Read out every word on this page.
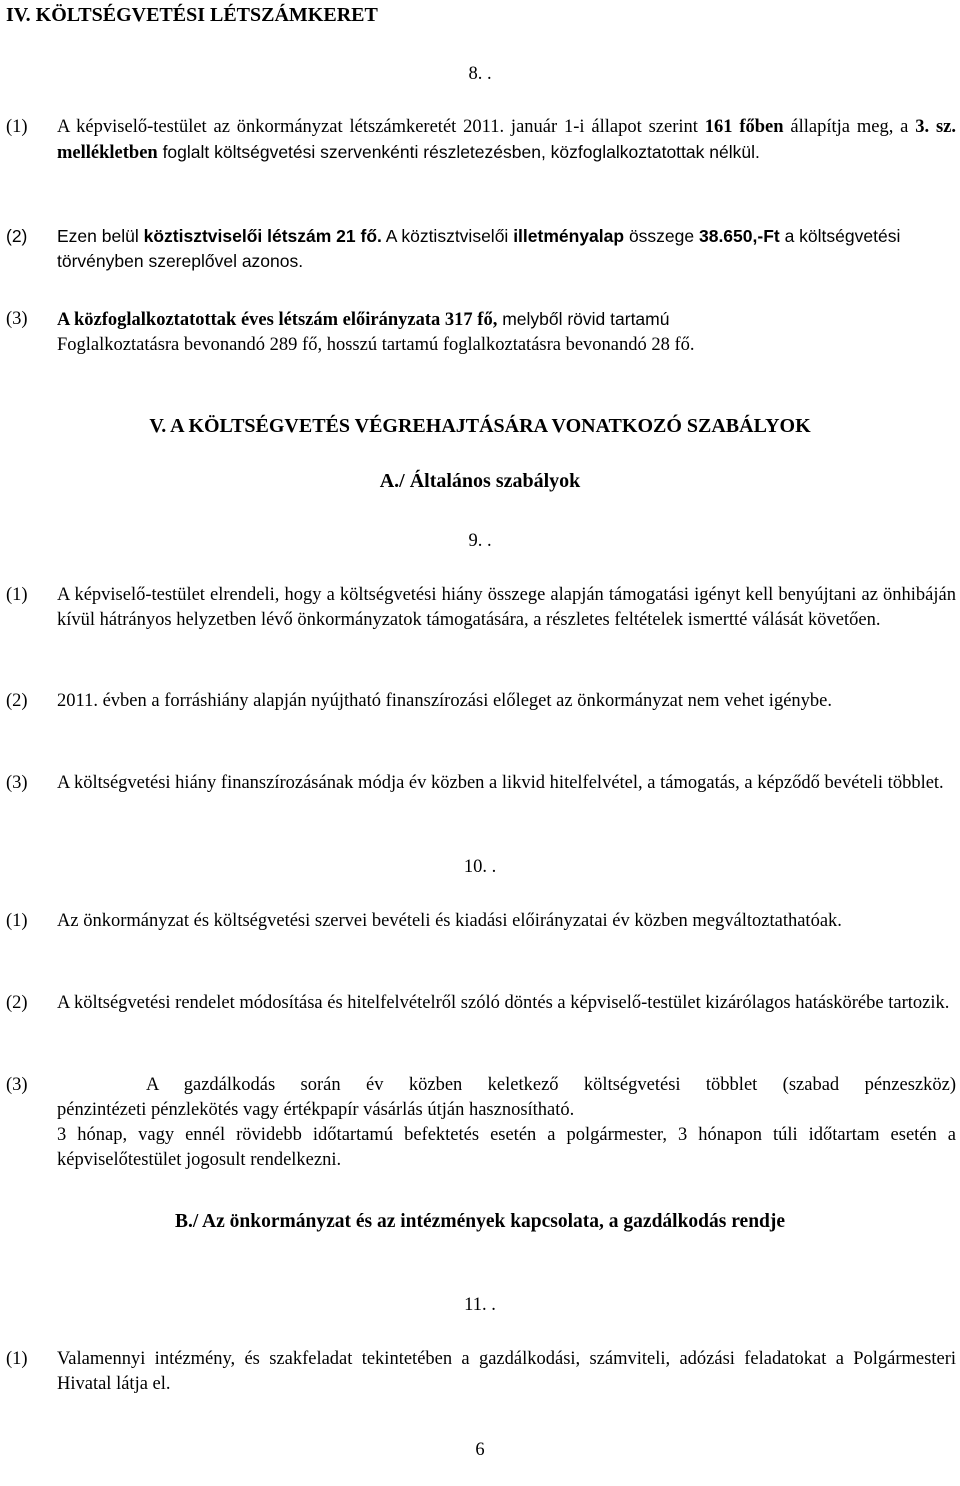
IV. KÖLTSÉGVETÉSI LÉTSZÁMKERET
8. .
(1) A képviselő-testület az önkormányzat létszámkeretét 2011. január 1-i állapot szerint 161 főben állapítja meg, a 3. sz. mellékletben foglalt költségvetési szervenkénti részletezésben, közfoglalkoztatottak nélkül.
(2) Ezen belül köztisztviselői létszám 21 fő. A köztisztviselői illetményalap összege 38.650,-Ft a költségvetési törvényben szereplővel azonos.
(3) A közfoglalkoztatottak éves létszám előirányzata 317 fő, melyből rövid tartamú
Foglalkoztatásra bevonandó 289 fő, hosszú tartamú foglalkoztatásra bevonandó 28 fő.
V. A KÖLTSÉGVETÉS VÉGREHAJTÁSÁRA VONATKOZÓ SZABÁLYOK
A./ Általános szabályok
9. .
(1) A képviselő-testület elrendeli, hogy a költségvetési hiány összege alapján támogatási igényt kell benyújtani az önhibáján kívül hátrányos helyzetben lévő önkormányzatok támogatására, a részletes feltételek ismertté válását követően.
(2) 2011. évben a forráshiány alapján nyújtható finanszírozási előleget az önkormányzat nem vehet igénybe.
(3) A költségvetési hiány finanszírozásának módja év közben a likvid hitelfelvétel, a támogatás, a képződő bevételi többlet.
10. .
(1) Az önkormányzat és költségvetési szervei bevételi és kiadási előirányzatai év közben megváltoztathatóak.
(2) A költségvetési rendelet módosítása és hitelfelvételről szóló döntés a képviselő-testület kizárólagos hatáskörébe tartozik.
(3)	A gazdálkodás során év közben keletkező költségvetési többlet (szabad pénzeszköz)
pénzintézeti pénzlekötés vagy értékpapír vásárlás útján hasznosítható.
3 hónap, vagy ennél rövidebb időtartamú befektetés esetén a polgármester, 3 hónapon túli időtartam esetén a képviselőtestület jogosult rendelkezni.
B./ Az önkormányzat és az intézmények kapcsolata, a gazdálkodás rendje
11. .
(1) Valamennyi intézmény, és szakfeladat tekintetében a gazdálkodási, számviteli, adózási feladatokat a Polgármesteri Hivatal látja el.
6
